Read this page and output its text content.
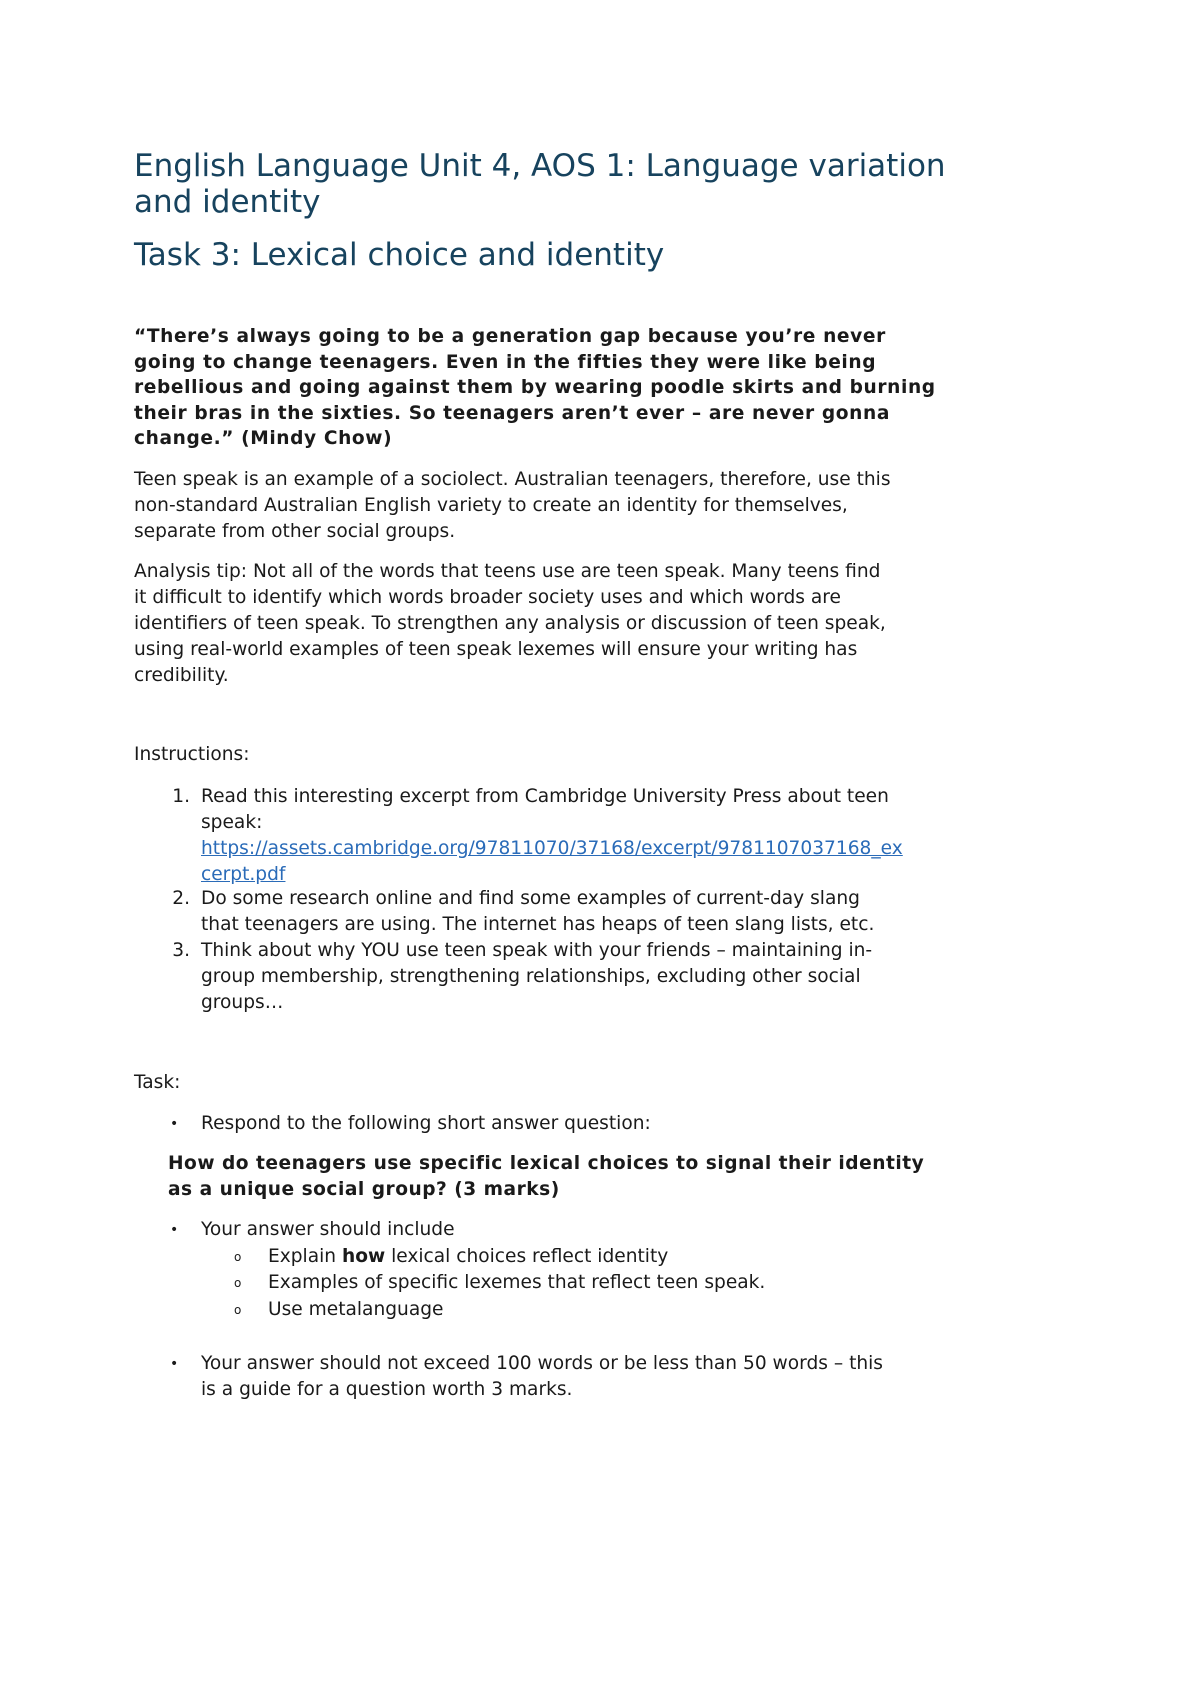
English Language Unit 4, AOS 1: Language variation
and identity
Task 3: Lexical choice and identity
“There’s always going to be a generation gap because you’re never
going to change teenagers. Even in the fifties they were like being
rebellious and going against them by wearing poodle skirts and burning
their bras in the sixties. So teenagers aren’t ever – are never gonna
change.” (Mindy Chow)
Teen speak is an example of a sociolect. Australian teenagers, therefore, use this
non-standard Australian English variety to create an identity for themselves,
separate from other social groups.
Analysis tip: Not all of the words that teens use are teen speak. Many teens find
it difficult to identify which words broader society uses and which words are
identifiers of teen speak. To strengthen any analysis or discussion of teen speak,
using real-world examples of teen speak lexemes will ensure your writing has
credibility.
Instructions:
1. Read this interesting excerpt from Cambridge University Press about teen
speak:
https://assets.cambridge.org/97811070/37168/excerpt/9781107037168_ex
cerpt.pdf
2. Do some research online and find some examples of current-day slang
that teenagers are using. The internet has heaps of teen slang lists, etc.
3. Think about why YOU use teen speak with your friends – maintaining in-
group membership, strengthening relationships, excluding other social
groups…
Task:
• Respond to the following short answer question:
How do teenagers use specific lexical choices to signal their identity
as a unique social group? (3 marks)
• Your answer should include
o Explain how lexical choices reflect identity
o Examples of specific lexemes that reflect teen speak.
o Use metalanguage
• Your answer should not exceed 100 words or be less than 50 words – this
is a guide for a question worth 3 marks.
